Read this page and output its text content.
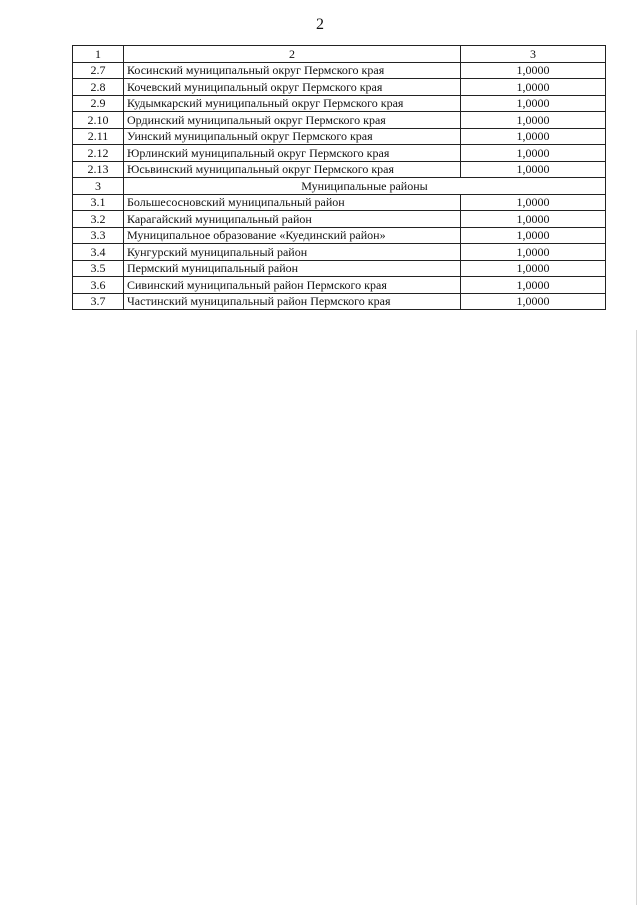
2
1	2	3
2.7	Косинский муниципальный округ Пермского края	1,0000
2.8	Кочевский муниципальный округ Пермского края	1,0000
2.9	Кудымкарский муниципальный округ Пермского края	1,0000
2.10	Ординский муниципальный округ Пермского края	1,0000
2.11	Уинский муниципальный округ Пермского края	1,0000
2.12	Юрлинский муниципальный округ Пермского края	1,0000
2.13	Юсьвинский муниципальный округ Пермского края	1,0000
3	Муниципальные районы	
3.1	Большесосновский муниципальный район	1,0000
3.2	Карагайский муниципальный район	1,0000
3.3	Муниципальное образование «Куединский район»	1,0000
3.4	Кунгурский муниципальный район	1,0000
3.5	Пермский муниципальный район	1,0000
3.6	Сивинский муниципальный район Пермского края	1,0000
3.7	Частинский муниципальный район Пермского края	1,0000
